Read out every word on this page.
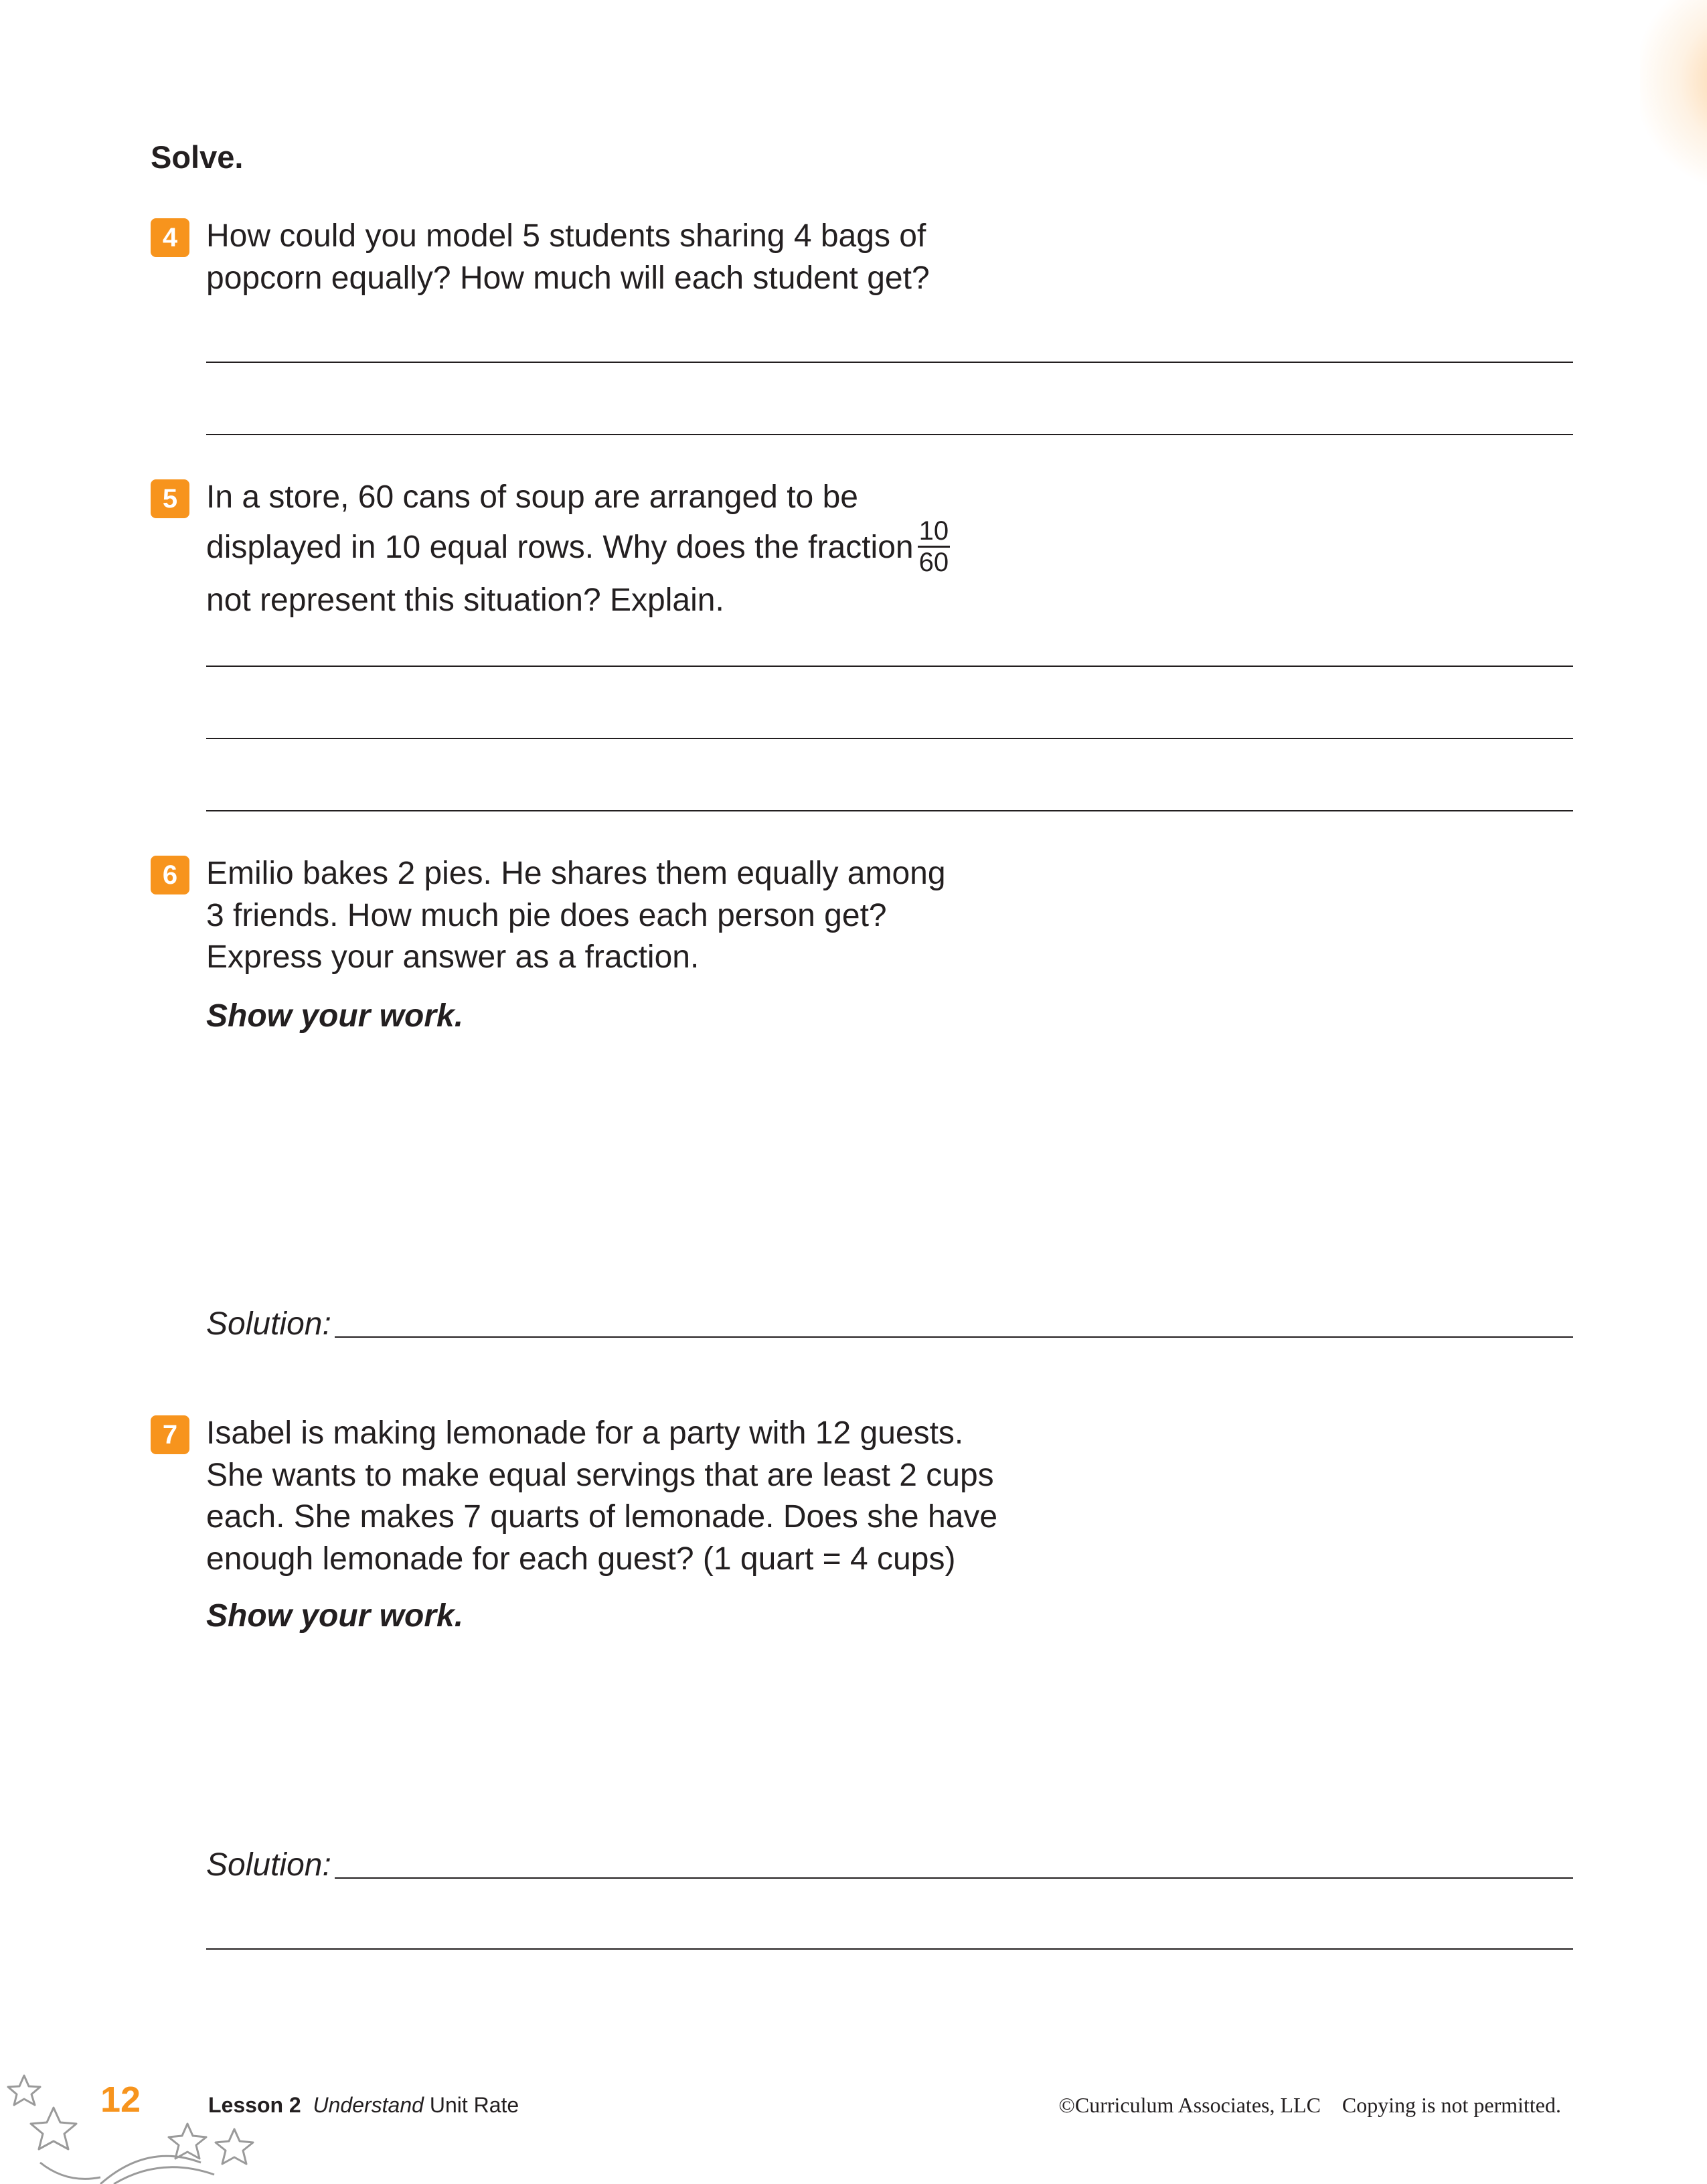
Solve.
4 How could you model 5 students sharing 4 bags of
popcorn equally? How much will each student get?

5 In a store, 60 cans of soup are arranged to be
displayed in 10 equal rows. Why does the fraction $\frac{10}{60}$

not represent this situation? Explain.

6 Emilio bakes 2 pies. He shares them equally among
3 friends. How much pie does each person get?
Express your answer as a fraction.

Show your work.

Solution:

7 Isabel is making lemonade for a party with 12 guests.
She wants to make equal servings that are least 2 cups
each. She makes 7 quarts of lemonade. Does she have
enough lemonade for each guest? (1 quart = 4 cups)

Show your work.

Solution:

12	Lesson 2 Understand Unit Rate	©Curriculum Associates, LLC Copying is not permitted.
